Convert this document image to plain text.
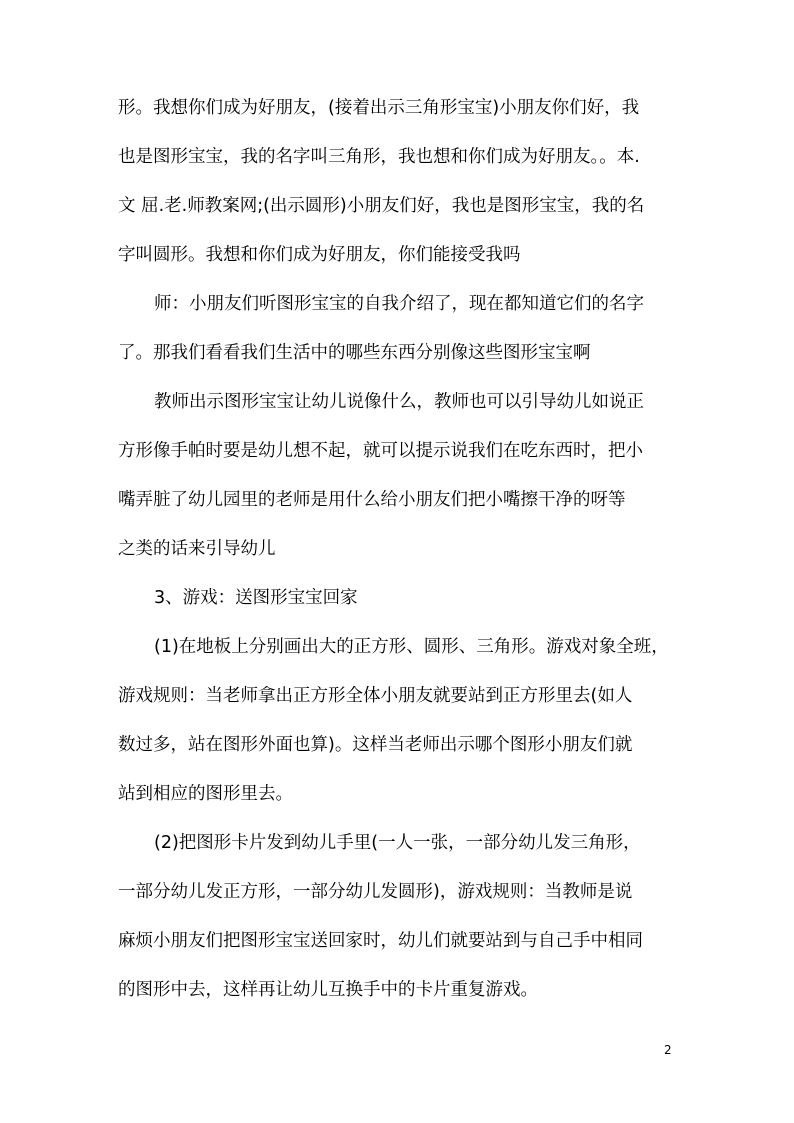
形。我想你们成为好朋友，(接着出示三角形宝宝)小朋友你们好，我
也是图形宝宝，我的名字叫三角形，我也想和你们成为好朋友。。本.
文 屈.老.师教案网;(出示圆形)小朋友们好，我也是图形宝宝，我的名
字叫圆形。我想和你们成为好朋友，你们能接受我吗
师：小朋友们听图形宝宝的自我介绍了，现在都知道它们的名字
了。那我们看看我们生活中的哪些东西分别像这些图形宝宝啊
教师出示图形宝宝让幼儿说像什么，教师也可以引导幼儿如说正
方形像手帕时要是幼儿想不起，就可以提示说我们在吃东西时，把小
嘴弄脏了幼儿园里的老师是用什么给小朋友们把小嘴擦干净的呀等
之类的话来引导幼儿
3、游戏：送图形宝宝回家
(1)在地板上分别画出大的正方形、圆形、三角形。游戏对象全班，
游戏规则：当老师拿出正方形全体小朋友就要站到正方形里去(如人
数过多，站在图形外面也算)。这样当老师出示哪个图形小朋友们就
站到相应的图形里去。
(2)把图形卡片发到幼儿手里(一人一张，一部分幼儿发三角形，
一部分幼儿发正方形，一部分幼儿发圆形)，游戏规则：当教师是说
麻烦小朋友们把图形宝宝送回家时，幼儿们就要站到与自己手中相同
的图形中去，这样再让幼儿互换手中的卡片重复游戏。
2
